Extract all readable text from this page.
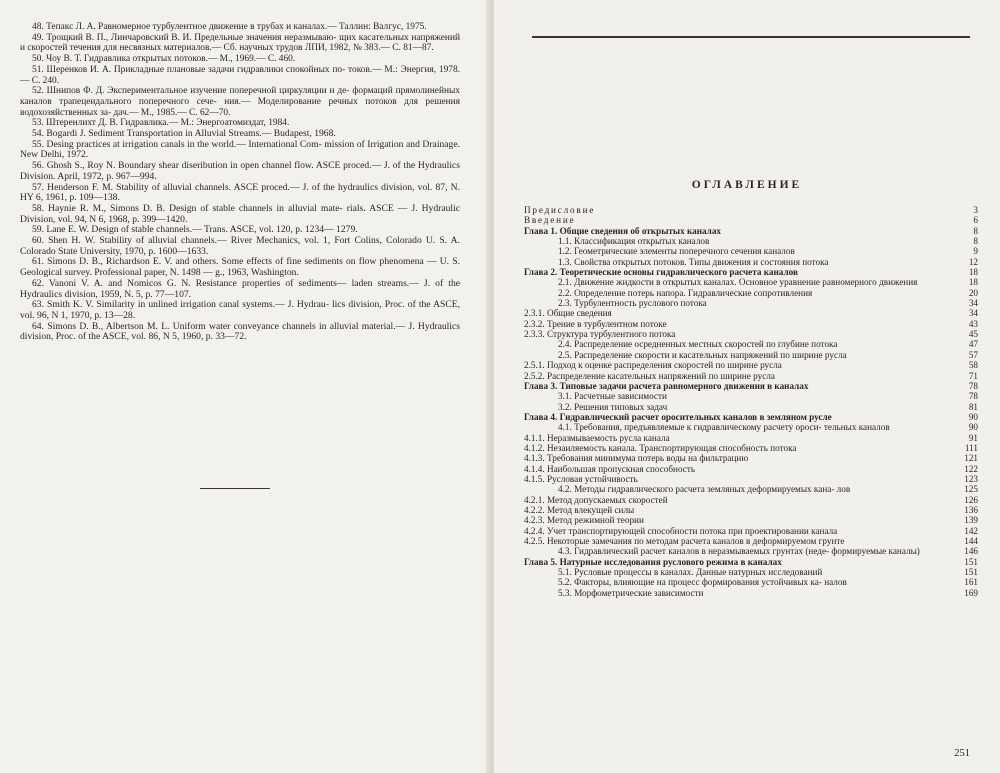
48. Тепакс Л. А. Равномерное турбулентное движение в трубах и каналах.— Таллин: Валгус, 1975.

49. Трощкий В. П., Линчаровский В. И. Предельные значения неразмываю- щих касательных напряжений и скоростей течения для несвязных материалов.— Сб. научных трудов ЛПИ, 1982, № 383.— С. 81—87.

50. Чоу В. Т. Гидравлика открытых потоков.— М., 1969.— С. 460.

51. Шеренков И. А. Прикладные плановые задачи гидравлики спокойных по- токов.— М.: Энергия, 1978.— С. 240.

52. Шнипов Ф. Д. Экспериментальное изучение поперечной циркуляции и де- формаций прямолинейных каналов трапецеидального поперечного сече- ния.— Моделирование речных потоков для решения водохозяйственных за- дач.— М., 1985.— С. 62—70.

53. Штеренлихт Д. В. Гидравлика.— М.: Энергоатомиздат, 1984.

54. Bogardi J. Sediment Transportation in Alluvial Streams.— Budapest, 1968.

55. Desing practices at irrigation canals in the world.— International Com- mission of Irrigation and Drainage. New Delhi, 1972.

56. Ghosh S., Roy N. Boundary shear diseribution in open channel flow. ASCE proced.— J. of the Hydraulics Division. April, 1972, p. 967—994.

57. Henderson F. M. Stability of alluvial channels. ASCE proced.— J. of the hydraulics division, vol. 87, N. HY 6, 1961, p. 109—138.

58. Haynie R. M., Simons D. B. Design of stable channels in alluvial mate- rials. ASCE — J. Hydraulic Division, vol. 94, N 6, 1968, p. 399—1420.

59. Lane E. W. Design of stable channels.— Trans. ASCE, vol. 120, p. 1234— 1279.

60. Shen H. W. Stability of alluvial channels.— River Mechanics, vol. 1, Fort Colins, Colorado U. S. A. Colorado State University, 1970, p. 1600—1633.

61. Simons D. B., Richardson E. V. and others. Some effects of fine sediments on flow phenomena — U. S. Geological survey. Professional paper, N. 1498 — g., 1963, Washington.

62. Vanoni V. A. and Nomicos G. N. Resistance properties of sediments— laden streams.— J. of the Hydraulics division, 1959, N. 5, p. 77—107.

63. Smith K. V. Similarity in unlined irrigation canal systems.— J. Hydrau- lics division, Proc. of the ASCE, vol. 96, N 1, 1970, p. 13—28.

64. Simons D. B., Albertson M. L. Uniform water conveyance channels in alluvial material.— J. Hydraulics division, Proc. of the ASCE, vol. 86, N 5, 1960, p. 33—72.

ОГЛАВЛЕНИЕ
Предисловие	3
Введение	6
Глава 1. Общие сведения об открытых каналах	8
1.1. Классификация открытых каналов	8
1.2. Геометрические элементы поперечного сечения каналов	9
1.3. Свойства открытых потоков. Типы движения и состояния потока	12
Глава 2. Теоретические основы гидравлического расчета каналов	18
2.1. Движение жидкости в открытых каналах. Основное уравнение равномерного движения	18
2.2. Определение потерь напора. Гидравлические сопротивления	20
2.3. Турбулентность руслового потока	34
2.3.1. Общие сведения	34
2.3.2. Трение в турбулентном потоке	43
2.3.3. Структура турбулентного потока	45
2.4. Распределение осредненных местных скоростей по глубине потока	47
2.5. Распределение скорости и касательных напряжений по ширине русла	57
2.5.1. Подход к оценке распределения скоростей по ширине русла	58
2.5.2. Распределение касательных напряжений по ширине русла	71
Глава 3. Типовые задачи расчета равномерного движения в каналах	78
3.1. Расчетные зависимости	78
3.2. Решения типовых задач	81
Глава 4. Гидравлический расчет оросительных каналов в земляном русле	90
4.1. Требования, предъявляемые к гидравлическому расчету ороси- тельных каналов	90
4.1.1. Неразмываемость русла канала	91
4.1.2. Незаиляемость канала. Транспортирующая способность потока	111
4.1.3. Требования минимума потерь воды на фильтрацию	121
4.1.4. Наибольшая пропускная способность	122
4.1.5. Русловая устойчивость	123
4.2. Методы гидравлического расчета земляных деформируемых кана- лов	125
4.2.1. Метод допускаемых скоростей	126
4.2.2. Метод влекущей силы	136
4.2.3. Метод режимной теории	139
4.2.4. Учет транспортирующей способности потока при проектировании канала	142
4.2.5. Некоторые замечания по методам расчета каналов в деформируемом грунте	144
4.3. Гидравлический расчет каналов в неразмываемых грунтах (неде- формируемые каналы)	146
Глава 5. Натурные исследования руслового режима в каналах	151
5.1. Русловые процессы в каналах. Данные натурных исследований	151
5.2. Факторы, влияющие на процесс формирования устойчивых ка- налов	161
5.3. Морфометрические зависимости	169
251
